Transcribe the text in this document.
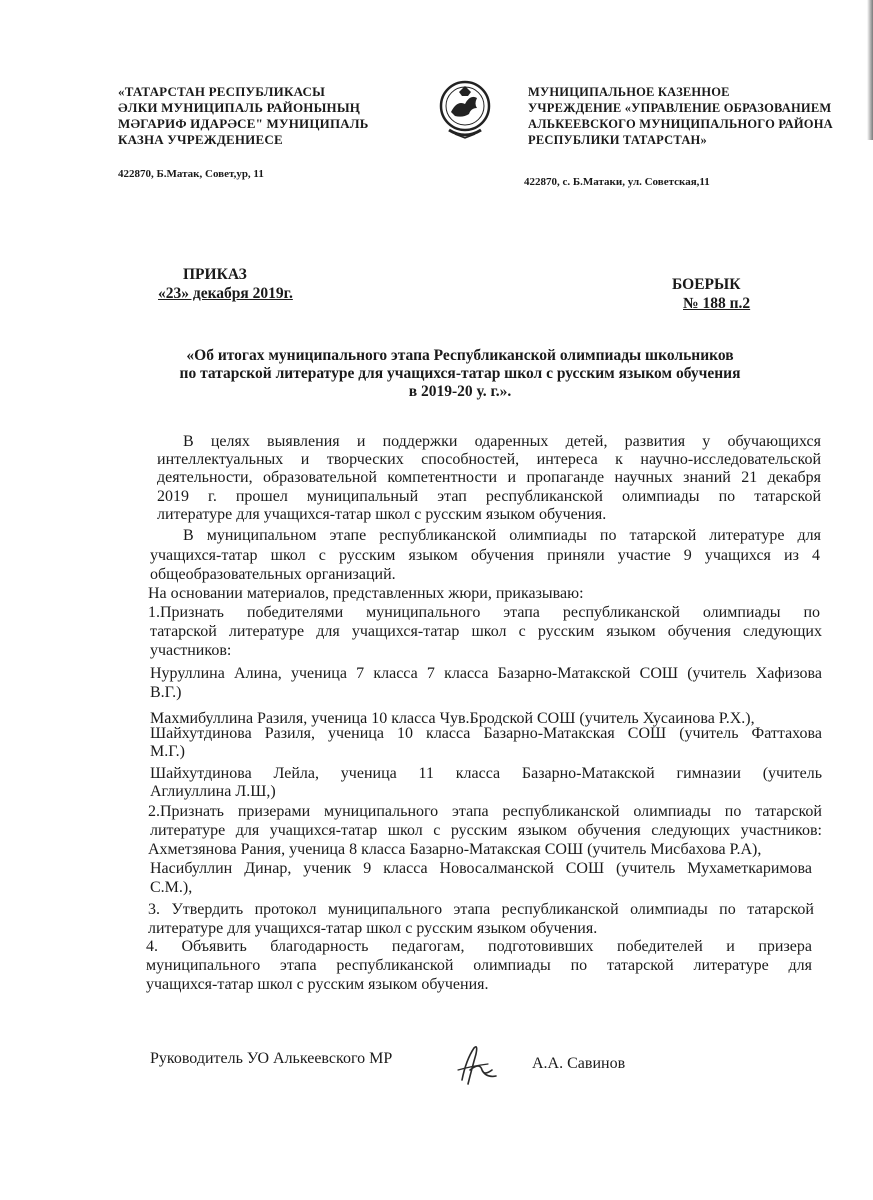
«ТАТАРСТАН РЕСПУБЛИКАСЫ
ӘЛКИ МУНИЦИПАЛЬ РАЙОНЫНЫҢ
МӘГАРИФ ИДАРӘСЕ" МУНИЦИПАЛЬ
КАЗНА УЧРЕЖДЕНИЕСЕ
422870, Б.Матак, Совет,ур, 11
МУНИЦИПАЛЬНОЕ КАЗЕННОЕ
УЧРЕЖДЕНИЕ «УПРАВЛЕНИЕ ОБРАЗОВАНИЕМ
АЛЬКЕЕВСКОГО МУНИЦИПАЛЬНОГО РАЙОНА
РЕСПУБЛИКИ ТАТАРСТАН»
422870, с. Б.Матаки, ул. Советская,11
ПРИКАЗ
«23» декабря 2019г.
БОЕРЫК
№ 188 п.2
«Об итогах муниципального этапа Республиканской олимпиады школьников
по татарской литературе для учащихся-татар школ с русским языком обучения
в 2019-20 у. г.».
В целях выявления и поддержки одаренных детей, развития у обучающихся
интеллектуальных и творческих способностей, интереса к научно-исследовательской
деятельности, образовательной компетентности и пропаганде научных знаний 21 декабря
2019 г. прошел муниципальный этап республиканской олимпиады по татарской
литературе для учащихся-татар школ с русским языком обучения.
В муниципальном этапе республиканской олимпиады по татарской литературе для
учащихся-татар школ с русским языком обучения приняли участие 9 учащихся из 4
общеобразовательных организаций.
На основании материалов, представленных жюри, приказываю:
1.Признать победителями муниципального этапа республиканской олимпиады по
татарской литературе для учащихся-татар школ с русским языком обучения следующих
участников:
Нуруллина Алина, ученица 7 класса 7 класса Базарно-Матакской СОШ (учитель Хафизова
В.Г.)
Махмибуллина Разиля, ученица 10 класса Чув.Бродской СОШ (учитель Хусаинова Р.Х.),
Шайхутдинова Разиля, ученица 10 класса Базарно-Матакская СОШ (учитель Фаттахова
М.Г.)
Шайхутдинова Лейла, ученица 11 класса Базарно-Матакской гимназии (учитель
Аглиуллина Л.Ш,)
2.Признать призерами муниципального этапа республиканской олимпиады по татарской
литературе для учащихся-татар школ с русским языком обучения следующих участников:
Ахметзянова Рания, ученица 8 класса Базарно-Матакская СОШ (учитель Мисбахова Р.А),
Насибуллин Динар, ученик 9 класса Новосалманской СОШ (учитель Мухаметкаримова
С.М.),
3. Утвердить протокол муниципального этапа республиканской олимпиады по татарской
литературе для учащихся-татар школ с русским языком обучения.
4. Объявить благодарность педагогам, подготовивших победителей и призера
муниципального этапа республиканской олимпиады по татарской литературе для
учащихся-татар школ с русским языком обучения.
Руководитель УО Алькеевского МР	А.А. Савинов
